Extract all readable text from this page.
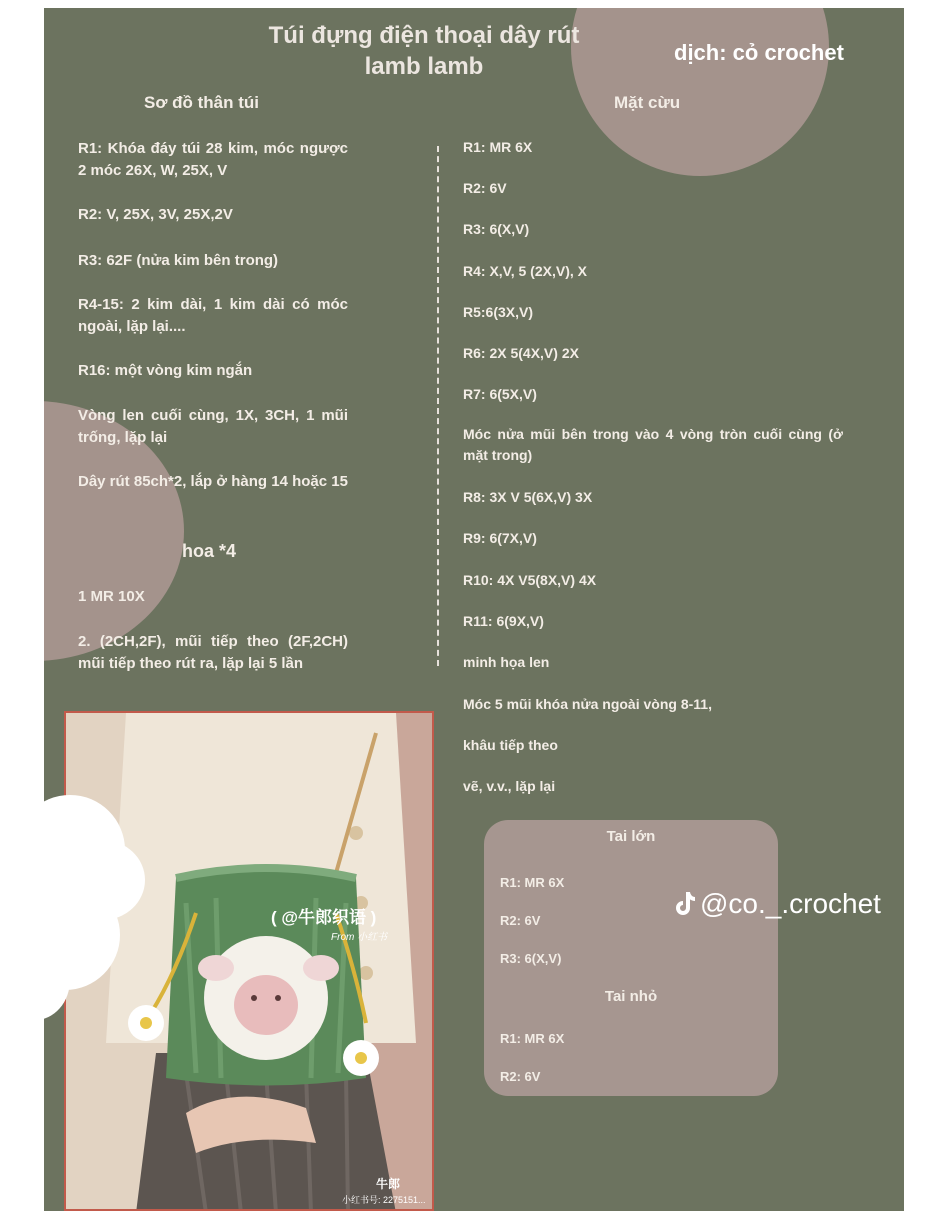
Túi đựng điện thoại dây rút
lamb lamb
dịch: cỏ crochet
Sơ đồ thân túi
R1: Khóa đáy túi 28 kim, móc ngược 2 móc 26X, W, 25X, V
R2: V, 25X, 3V, 25X,2V
R3: 62F (nửa kim bên trong)
R4-15: 2 kim dài, 1 kim dài có móc ngoài, lặp lại....
R16: một vòng kim ngắn
Vòng len cuối cùng, 1X, 3CH, 1 mũi trống, lặp lại
Dây rút 85ch*2, lắp ở hàng 14 hoặc 15
hoa *4
1 MR 10X
2. (2CH,2F), mũi tiếp theo (2F,2CH) mũi tiếp theo rút ra, lặp lại 5 lần
Mặt cừu
R1: MR 6X
R2: 6V
R3: 6(X,V)
R4: X,V, 5 (2X,V), X
R5:6(3X,V)
R6: 2X 5(4X,V) 2X
R7: 6(5X,V)
Móc nửa mũi bên trong vào 4 vòng tròn cuối cùng (ở mặt trong)
R8: 3X V 5(6X,V) 3X
R9: 6(7X,V)
R10: 4X V5(8X,V) 4X
R11: 6(9X,V)
minh họa len
Móc 5 mũi khóa nửa ngoài vòng 8-11,
khâu tiếp theo
vẽ, v.v., lặp lại
Tai lớn
R1: MR 6X
R2: 6V
R3: 6(X,V)
Tai nhỏ
R1: MR 6X
R2: 6V
@co._.crochet
( @牛郎织语 )
From 小红书
牛郎
小红书号: 2275151...
